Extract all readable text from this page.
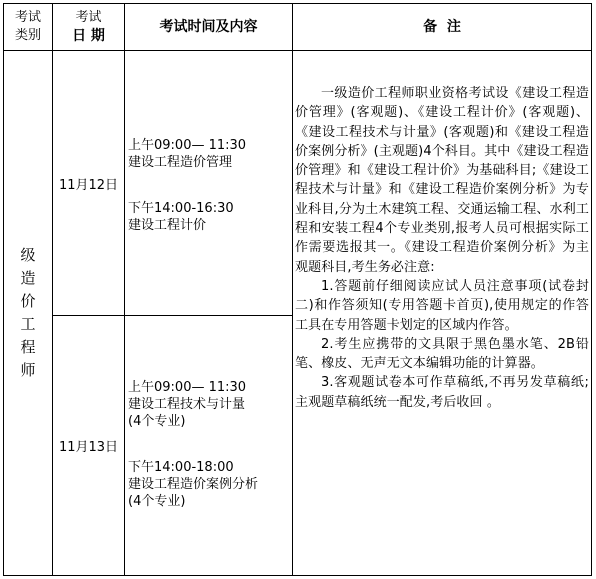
考试
类别
考试
日 期
考试时间及内容	备  注
级
造
价
工
程
师
11月12日
11月13日
上午09:00— 11:30
建设工程造价管理
下午14:00-16:30
建设工程计价
上午09:00— 11:30
建设工程技术与计量
(4个专业)
下午14:00-18:00
建设工程造价案例分析
(4个专业)

一级造价工程师职业资格考试设《建设工程造价管理》(客观题)、《建设工程计价》(客观题)、《建设工程技术与计量》(客观题)和《建设工程造价案例分析》(主观题)4个科目。其中《建设工程造价管理》和《建设工程计价》为基础科目;《建设工程技术与计量》和《建设工程造价案例分析》为专业科目,分为土木建筑工程、交通运输工程、水利工程和安装工程4个专业类别,报考人员可根据实际工作需要选报其一。《建设工程造价案例分析》为主观题科目,考生务必注意:

1.答题前仔细阅读应试人员注意事项(试卷封二)和作答须知(专用答题卡首页),使用规定的作答工具在专用答题卡划定的区域内作答。

2.考生应携带的文具限于黑色墨水笔、2B铅笔、橡皮、无声无文本编辑功能的计算器。

3.客观题试卷本可作草稿纸,不再另发草稿纸;主观题草稿纸统一配发,考后收回 。
